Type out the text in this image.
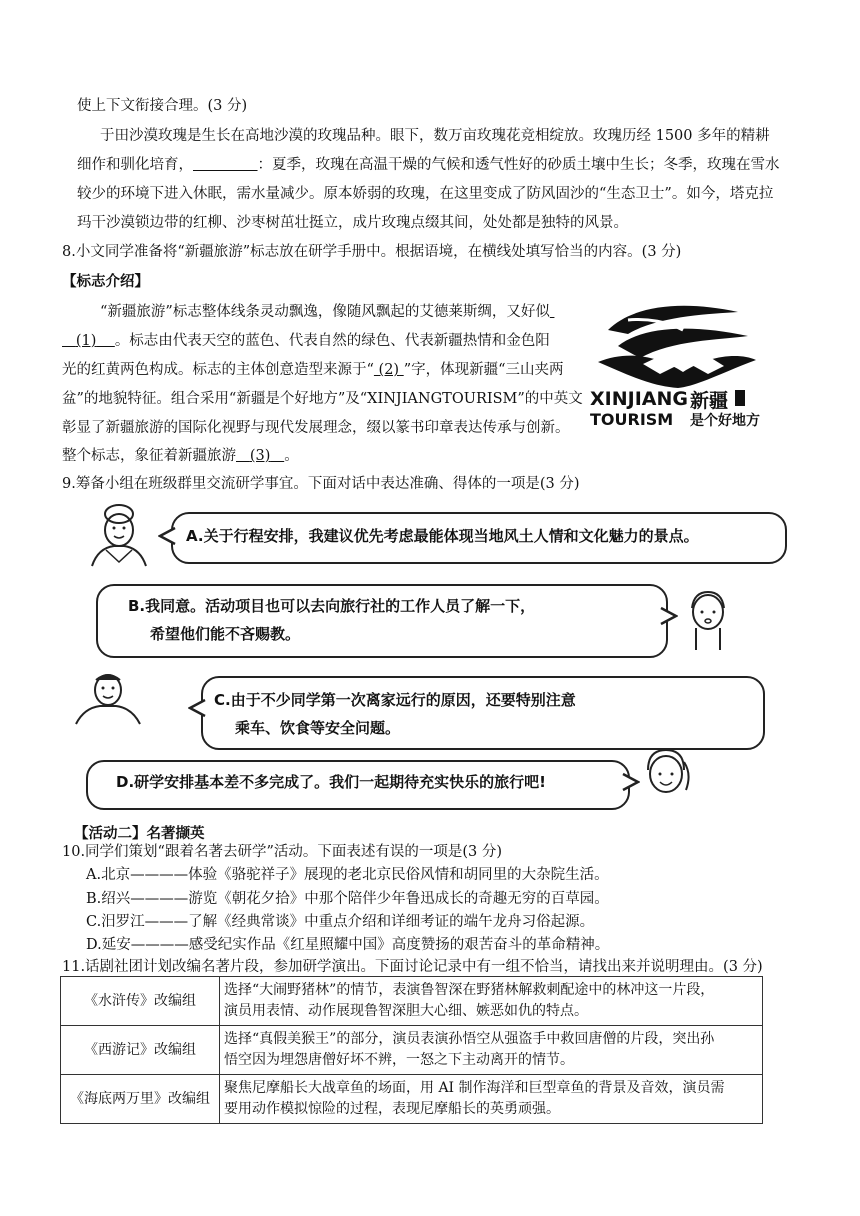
使上下文衔接合理。(3 分)
于田沙漠玫瑰是生长在高地沙漠的玫瑰品种。眼下，数万亩玫瑰花竞相绽放。玫瑰历经 1500 多年的精耕
细作和驯化培育，	：夏季，玫瑰在高温干燥的气候和透气性好的砂质土壤中生长；冬季，玫瑰在雪水
较少的环境下进入休眠，需水量减少。原本娇弱的玫瑰，在这里变成了防风固沙的“生态卫士”。如今，塔克拉
玛干沙漠锁边带的红柳、沙枣树茁壮挺立，成片玫瑰点缀其间，处处都是独特的风景。
8.小文同学准备将“新疆旅游”标志放在研学手册中。根据语境，在横线处填写恰当的内容。(3 分)
【标志介绍】
“新疆旅游”标志整体线条灵动飘逸，像随风飘起的艾德莱斯绸，又好似
(1) 。标志由代表天空的蓝色、代表自然的绿色、代表新疆热情和金色阳
光的红黄两色构成。标志的主体创意造型来源于“ (2) ”字，体现新疆“三山夹两
盆”的地貌特征。组合采用“新疆是个好地方”及“XINJIANGTOURISM”的中英文
彰显了新疆旅游的国际化视野与现代发展理念，缀以篆书印章表达传承与创新。
整个标志，象征着新疆旅游 (3) 。
XINJIANG
TOURISM
新疆
是个好地方
9.筹备小组在班级群里交流研学事宜。下面对话中表达准确、得体的一项是(3 分)
A.关于行程安排，我建议优先考虑最能体现当地风土人情和文化魅力的景点。
B.我同意。活动项目也可以去向旅行社的工作人员了解一下，
希望他们能不吝赐教。
C.由于不少同学第一次离家远行的原因，还要特别注意
乘车、饮食等安全问题。
D.研学安排基本差不多完成了。我们一起期待充实快乐的旅行吧!
【活动二】名著撷英
10.同学们策划“跟着名著去研学”活动。下面表述有误的一项是(3 分)
A.北京————体验《骆驼祥子》展现的老北京民俗风情和胡同里的大杂院生活。
B.绍兴————游览《朝花夕拾》中那个陪伴少年鲁迅成长的奇趣无穷的百草园。
C.汨罗江———了解《经典常谈》中重点介绍和详细考证的端午龙舟习俗起源。
D.延安————感受纪实作品《红星照耀中国》高度赞扬的艰苦奋斗的革命精神。
11.话剧社团计划改编名著片段，参加研学演出。下面讨论记录中有一组不恰当，请找出来并说明理由。(3 分)
《水浒传》改编组	选择“大闹野猪林”的情节，表演鲁智深在野猪林解救刺配途中的林冲这一片段，
演员用表情、动作展现鲁智深胆大心细、嫉恶如仇的特点。

《西游记》改编组	选择“真假美猴王”的部分，演员表演孙悟空从强盗手中救回唐僧的片段，突出孙
悟空因为埋怨唐僧好坏不辨，一怒之下主动离开的情节。

《海底两万里》改编组	聚焦尼摩船长大战章鱼的场面，用 AI 制作海洋和巨型章鱼的背景及音效，演员需
要用动作模拟惊险的过程，表现尼摩船长的英勇顽强。
